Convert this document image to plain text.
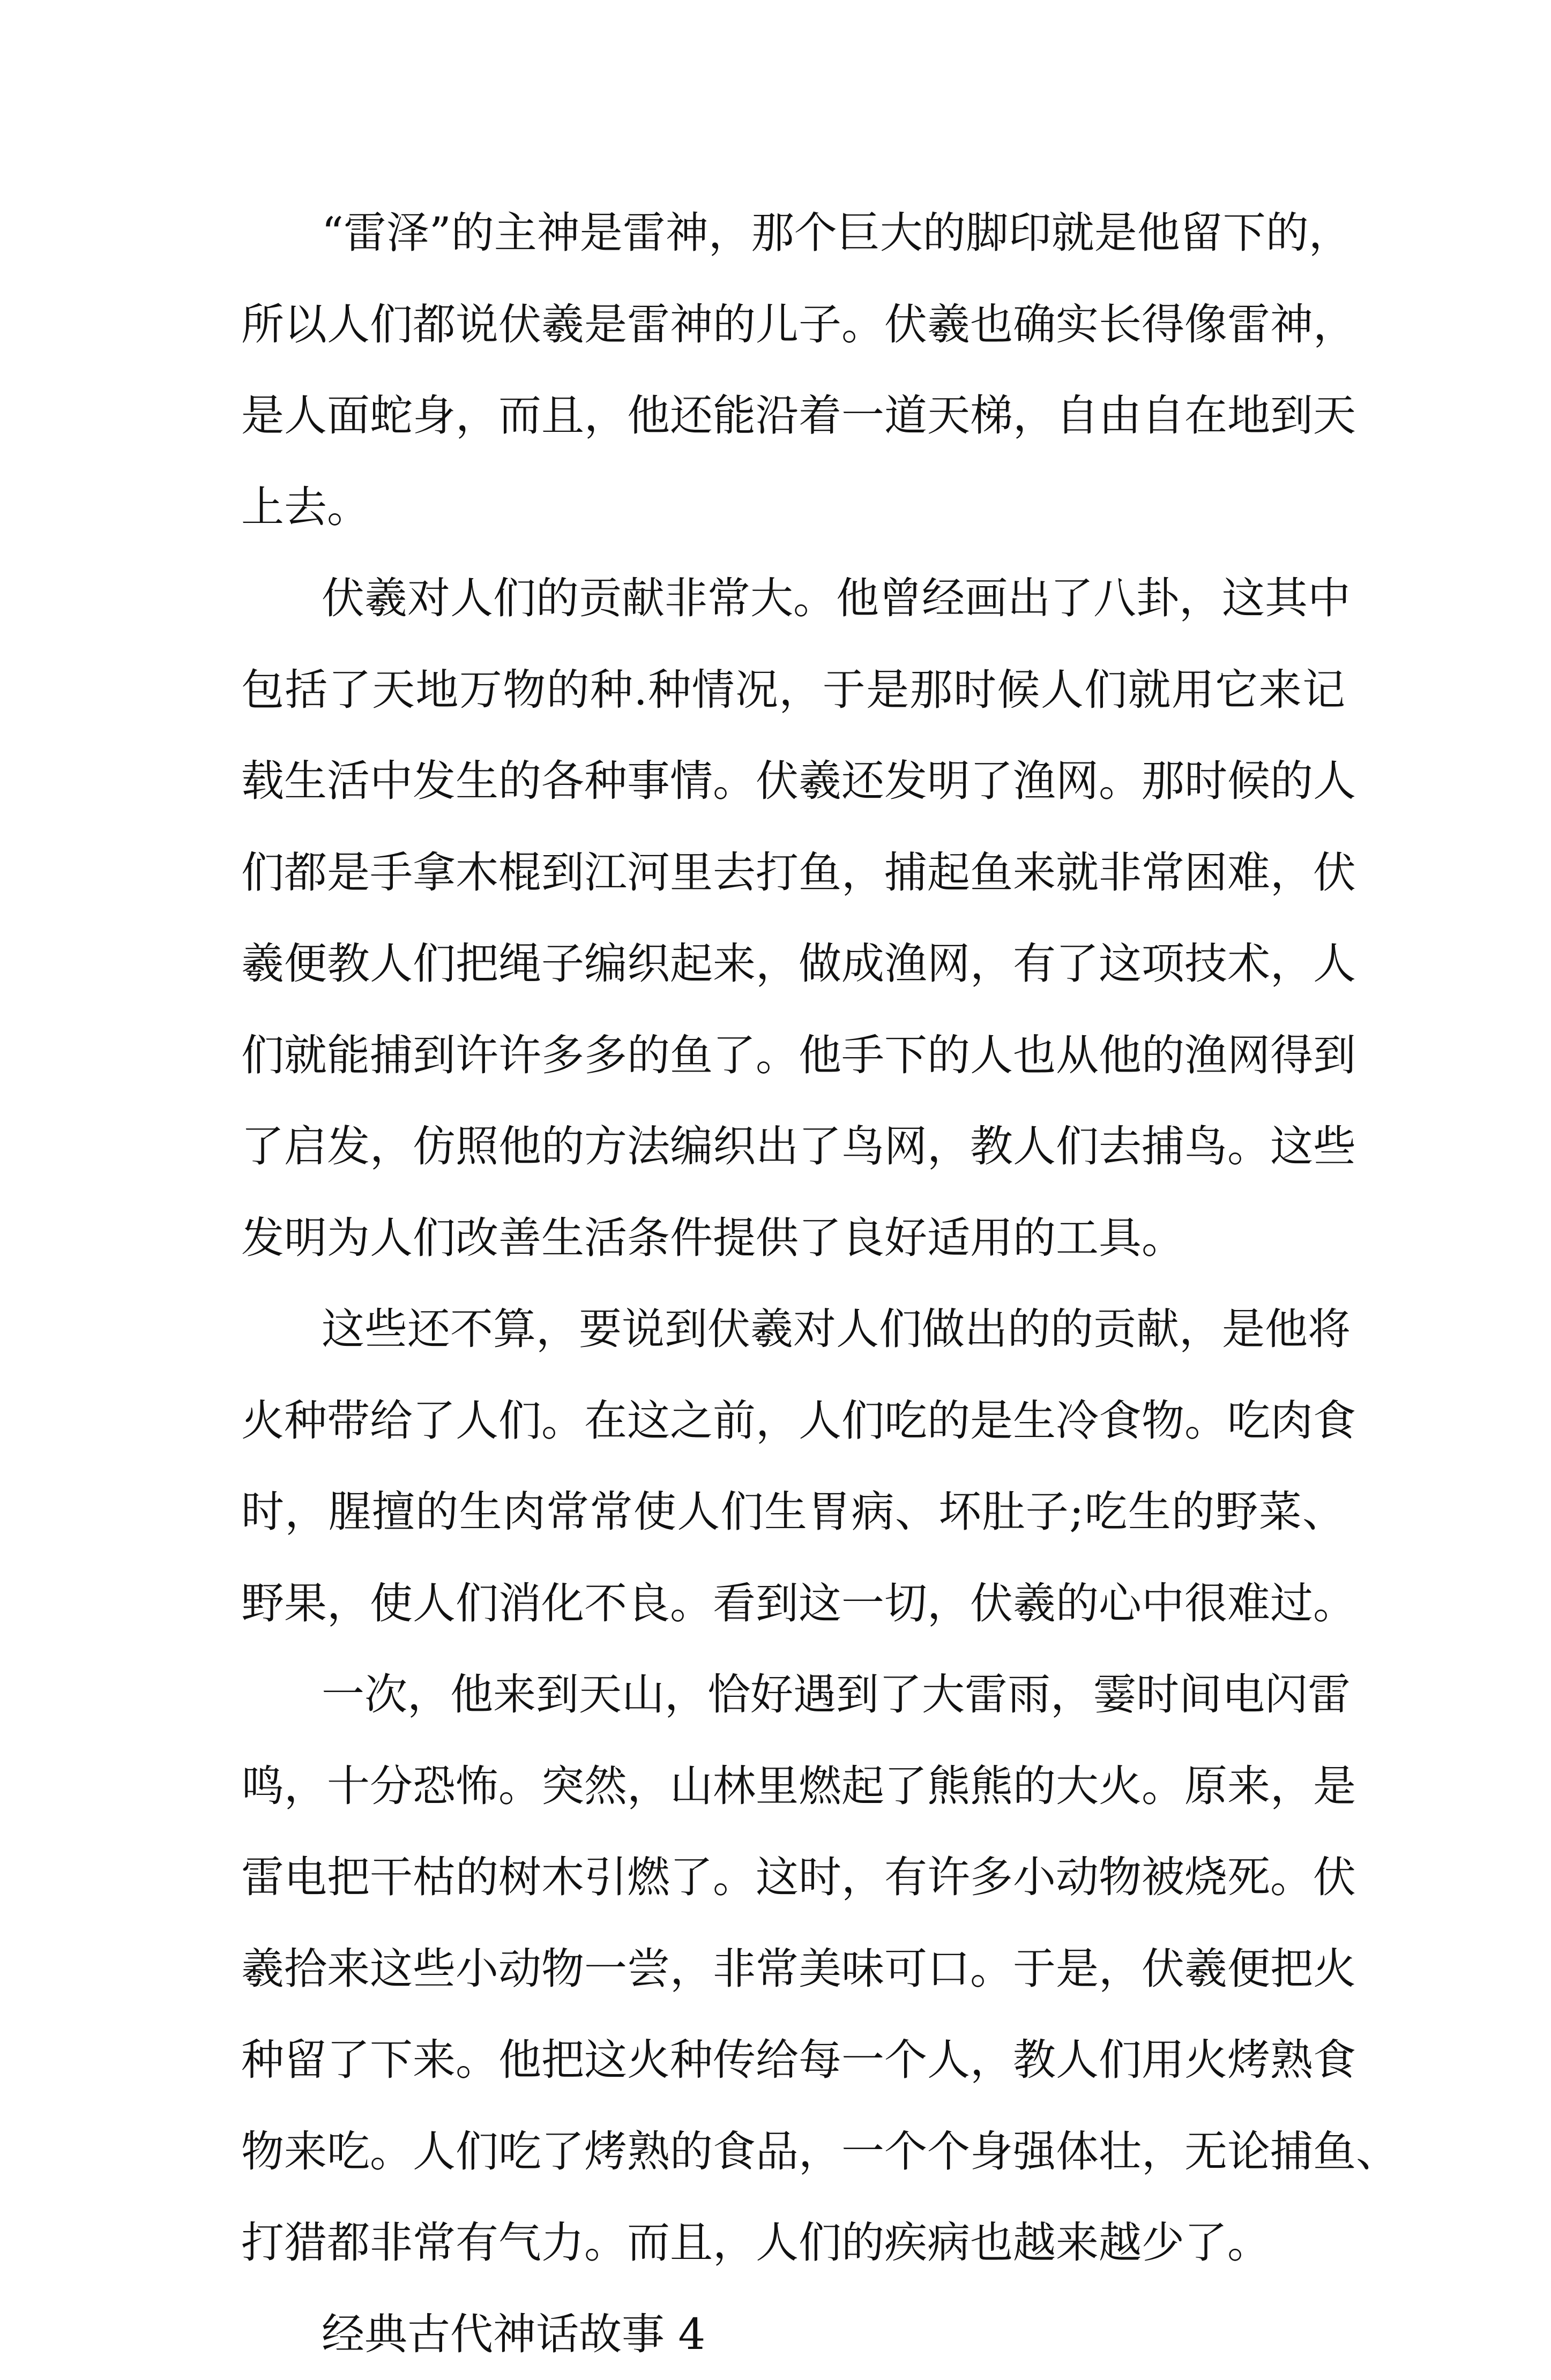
“雷泽”的主神是雷神，那个巨大的脚印就是他留下的，
所以人们都说伏羲是雷神的儿子。伏羲也确实长得像雷神，
是人面蛇身，而且，他还能沿着一道天梯，自由自在地到天
上去。
伏羲对人们的贡献非常大。他曾经画出了八卦，这其中
包括了天地万物的种.种情况，于是那时候人们就用它来记
载生活中发生的各种事情。伏羲还发明了渔网。那时候的人
们都是手拿木棍到江河里去打鱼，捕起鱼来就非常困难，伏
羲便教人们把绳子编织起来，做成渔网，有了这项技术，人
们就能捕到许许多多的鱼了。他手下的人也从他的渔网得到
了启发，仿照他的方法编织出了鸟网，教人们去捕鸟。这些
发明为人们改善生活条件提供了良好适用的工具。
这些还不算，要说到伏羲对人们做出的的贡献，是他将
火种带给了人们。在这之前，人们吃的是生冷食物。吃肉食
时，腥擅的生肉常常使人们生胃病、坏肚子;吃生的野菜、
野果，使人们消化不良。看到这一切，伏羲的心中很难过。
一次，他来到天山，恰好遇到了大雷雨，霎时间电闪雷
鸣，十分恐怖。突然，山林里燃起了熊熊的大火。原来，是
雷电把干枯的树木引燃了。这时，有许多小动物被烧死。伏
羲拾来这些小动物一尝，非常美味可口。于是，伏羲便把火
种留了下来。他把这火种传给每一个人，教人们用火烤熟食
物来吃。人们吃了烤熟的食品，一个个身强体壮，无论捕鱼、
打猎都非常有气力。而且，人们的疾病也越来越少了。
经典古代神话故事 4
